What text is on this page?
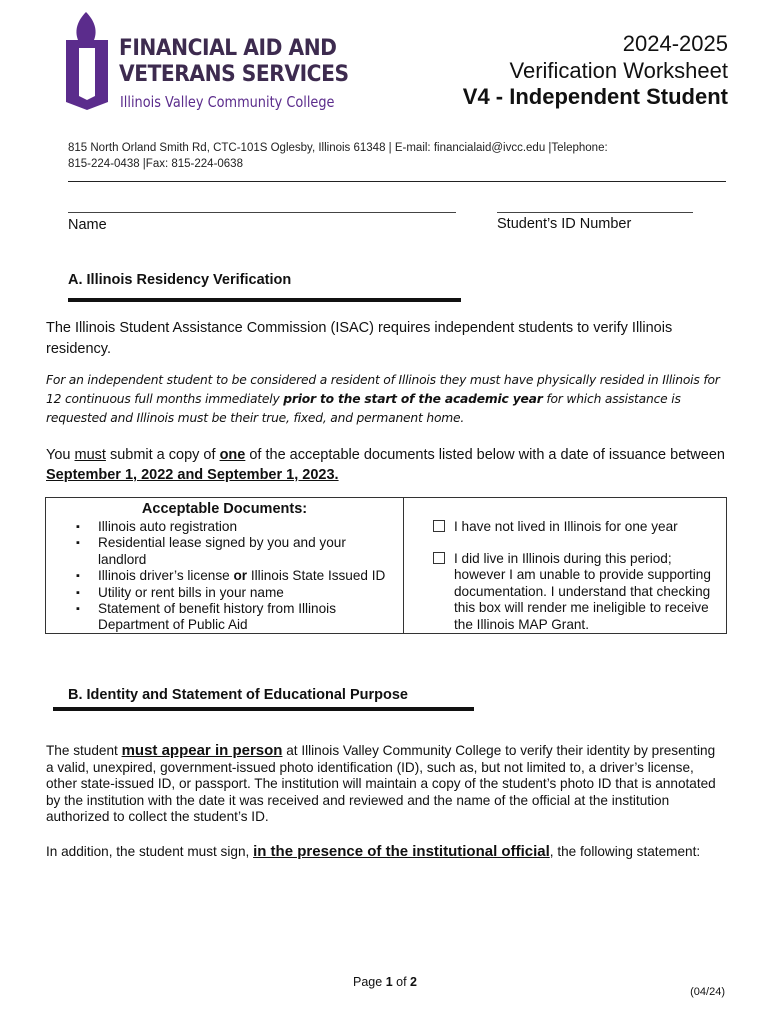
FINANCIAL AID AND
VETERANS SERVICES
Illinois Valley Community College
2024-2025
Verification Worksheet
V4 - Independent Student
815 North Orland Smith Rd, CTC-101S Oglesby, Illinois 61348 | E-mail: financialaid@ivcc.edu |Telephone:
815-224-0438 |Fax: 815-224-0638
Name	Student’s ID Number
A. Illinois Residency Verification
The Illinois Student Assistance Commission (ISAC) requires independent students to verify Illinois residency.
For an independent student to be considered a resident of Illinois they must have physically resided in Illinois for 12 continuous full months immediately prior to the start of the academic year for which assistance is requested and Illinois must be their true, fixed, and permanent home.
You must submit a copy of one of the acceptable documents listed below with a date of issuance between September 1, 2022 and September 1, 2023.
Acceptable Documents:
▪ Illinois auto registration
▪ Residential lease signed by you and your landlord
▪ Illinois driver’s license or Illinois State Issued ID
▪ Utility or rent bills in your name
▪ Statement of benefit history from Illinois Department of Public Aid
I have not lived in Illinois for one year
I did live in Illinois during this period; however I am unable to provide supporting documentation. I understand that checking this box will render me ineligible to receive the Illinois MAP Grant.
B. Identity and Statement of Educational Purpose
The student must appear in person at Illinois Valley Community College to verify their identity by presenting a valid, unexpired, government-issued photo identification (ID), such as, but not limited to, a driver’s license, other state-issued ID, or passport. The institution will maintain a copy of the student’s photo ID that is annotated by the institution with the date it was received and reviewed and the name of the official at the institution authorized to collect the student’s ID.
In addition, the student must sign, in the presence of the institutional official, the following statement:
Page 1 of 2
(04/24)
